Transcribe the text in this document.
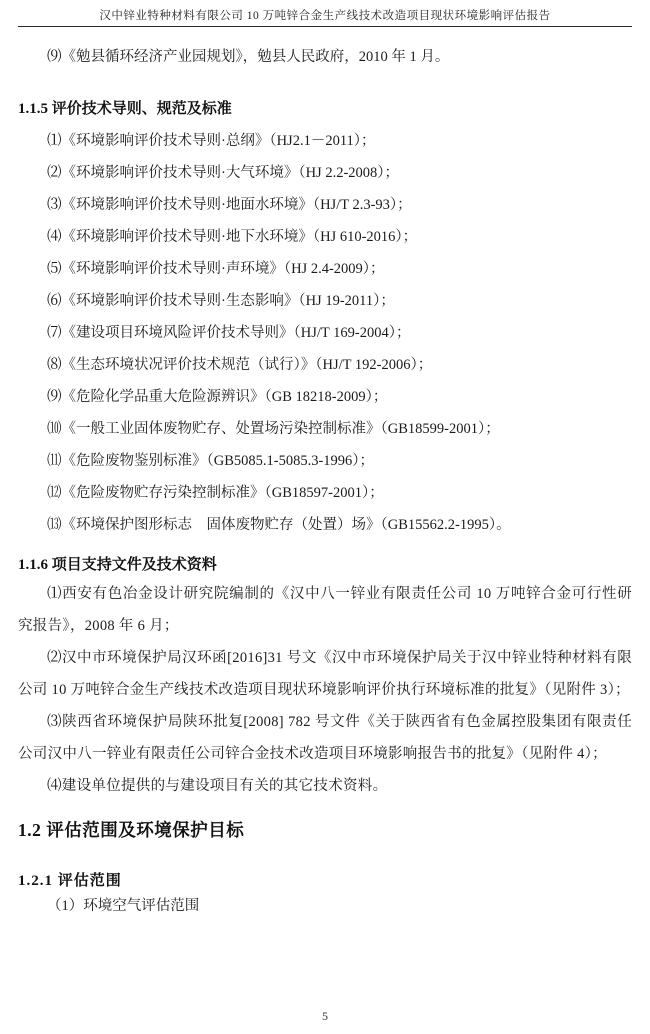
汉中锌业特种材料有限公司 10 万吨锌合金生产线技术改造项目现状环境影响评估报告
⑼《勉县循环经济产业园规划》，勉县人民政府，2010 年 1 月。
1.1.5 评价技术导则、规范及标准
⑴《环境影响评价技术导则·总纲》（HJ2.1－2011）；
⑵《环境影响评价技术导则·大气环境》（HJ 2.2-2008）；
⑶《环境影响评价技术导则·地面水环境》（HJ/T 2.3-93）；
⑷《环境影响评价技术导则·地下水环境》（HJ 610-2016）；
⑸《环境影响评价技术导则·声环境》（HJ 2.4-2009）；
⑹《环境影响评价技术导则·生态影响》（HJ 19-2011）；
⑺《建设项目环境风险评价技术导则》（HJ/T 169-2004）；
⑻《生态环境状况评价技术规范（试行）》（HJ/T 192-2006）；
⑼《危险化学品重大危险源辨识》（GB 18218-2009）；
⑽《一般工业固体废物贮存、处置场污染控制标准》（GB18599-2001）；
⑾《危险废物鉴别标准》（GB5085.1-5085.3-1996）；
⑿《危险废物贮存污染控制标准》（GB18597-2001）；
⒀《环境保护图形标志　固体废物贮存（处置）场》（GB15562.2-1995）。
1.1.6 项目支持文件及技术资料
⑴西安有色冶金设计研究院编制的《汉中八一锌业有限责任公司 10 万吨锌合金可行性研究报告》，2008 年 6 月；
⑵汉中市环境保护局汉环函[2016]31 号文《汉中市环境保护局关于汉中锌业特种材料有限公司 10 万吨锌合金生产线技术改造项目现状环境影响评价执行环境标准的批复》（见附件 3）；
⑶陕西省环境保护局陕环批复[2008] 782 号文件《关于陕西省有色金属控股集团有限责任公司汉中八一锌业有限责任公司锌合金技术改造项目环境影响报告书的批复》（见附件 4）；
⑷建设单位提供的与建设项目有关的其它技术资料。
1.2 评估范围及环境保护目标
1.2.1 评估范围
（1）环境空气评估范围
5
